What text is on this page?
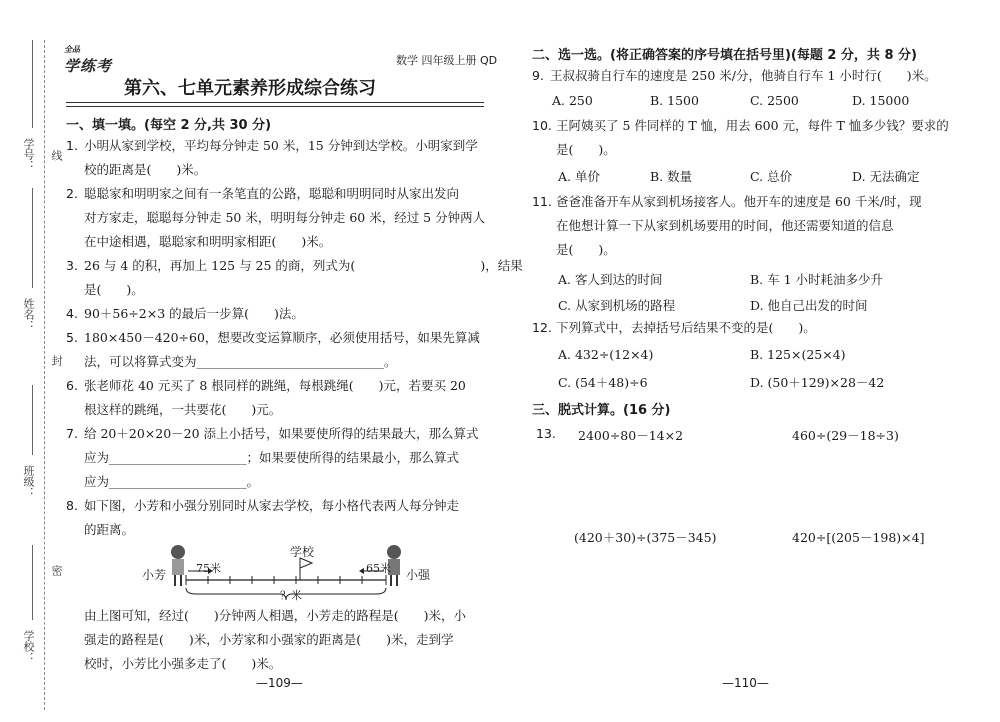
学号： 线
姓名：
封
班级：
密
学校：
全品
学练考	数学 四年级上册 QD
第六、七单元素养形成综合练习
一、填一填。(每空 2 分,共 30 分)
1. 小明从家到学校，平均每分钟走 50 米，15 分钟到达学校。小明家到学
校的距离是(　　)米。
2. 聪聪家和明明家之间有一条笔直的公路，聪聪和明明同时从家出发向
对方家走，聪聪每分钟走 50 米，明明每分钟走 60 米，经过 5 分钟两人
在中途相遇，聪聪家和明明家相距(　　)米。
3. 26 与 4 的积，再加上 125 与 25 的商，列式为(　　　　　　　　　　)，结果
是(　　)。
4. 90＋56÷2×3 的最后一步算(　　)法。
5. 180×450－420÷60，想要改变运算顺序，必须使用括号，如果先算减
法，可以将算式变为______________________________。
6. 张老师花 40 元买了 8 根同样的跳绳，每根跳绳(　　)元，若要买 20
根这样的跳绳，一共要花(　　)元。
7. 给 20＋20×20－20 添上小括号，如果要使所得的结果最大，那么算式
应为______________________；如果要使所得的结果最小，那么算式
应为______________________。
8. 如下图，小芳和小强分别同时从家去学校，每小格代表两人每分钟走
的距离。
小芳	小强
75米	65米
学校
？米
由上图可知，经过(　　)分钟两人相遇，小芳走的路程是(　　)米，小
强走的路程是(　　)米，小芳家和小强家的距离是(　　)米，走到学
校时，小芳比小强多走了(　　)米。
—109—
二、选一选。(将正确答案的序号填在括号里)(每题 2 分，共 8 分)
9. 王叔叔骑自行车的速度是 250 米/分，他骑自行车 1 小时行(　　)米。
A. 250	B. 1500	C. 2500	D. 15000
10. 王阿姨买了 5 件同样的 T 恤，用去 600 元，每件 T 恤多少钱？要求的
是(　　)。
A. 单价	B. 数量	C. 总价	D. 无法确定
11. 爸爸准备开车从家到机场接客人。他开车的速度是 60 千米/时，现
在他想计算一下从家到机场要用的时间，他还需要知道的信息
是(　　)。
A. 客人到达的时间	B. 车 1 小时耗油多少升
C. 从家到机场的路程	D. 他自己出发的时间
12. 下列算式中，去掉括号后结果不变的是(　　)。
A. 432÷(12×4)	B. 125×(25×4)
C. (54＋48)÷6	D. (50＋129)×28－42
三、脱式计算。(16 分)
13. 2400÷80－14×2	460÷(29－18÷3)
(420＋30)÷(375－345)	420÷[(205－198)×4]
—110—
